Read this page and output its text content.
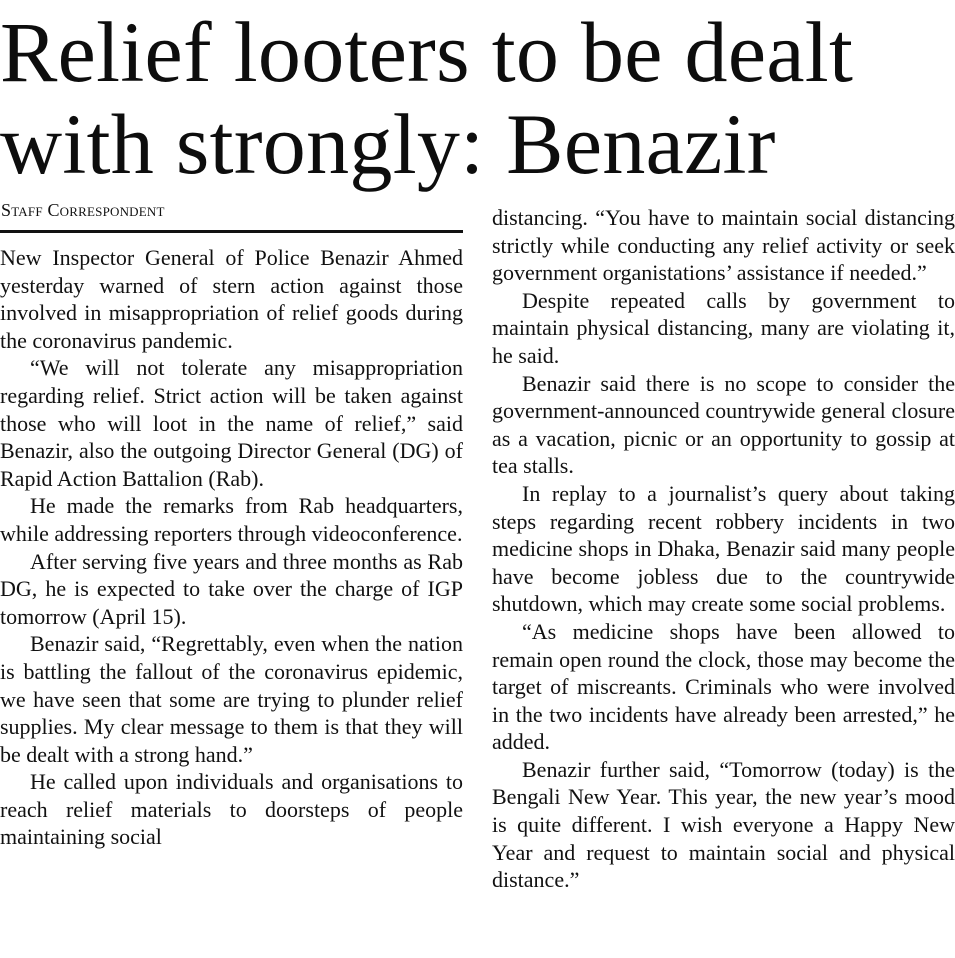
Relief looters to be dealt
with strongly: Benazir
Staff Correspondent

New Inspector General of Police Benazir Ahmed yesterday warned of stern action against those involved in misappropriation of relief goods during the coronavirus pandemic.

“We will not tolerate any misappropriation regarding relief. Strict action will be taken against those who will loot in the name of relief,” said Benazir, also the outgoing Director General (DG) of Rapid Action Battalion (Rab).

He made the remarks from Rab headquarters, while addressing reporters through videoconference.

After serving five years and three months as Rab DG, he is expected to take over the charge of IGP tomorrow (April 15).

Benazir said, “Regrettably, even when the nation is battling the fallout of the coronavirus epidemic, we have seen that some are trying to plunder relief supplies. My clear message to them is that they will be dealt with a strong hand.”

He called upon individuals and organisations to reach relief materials to doorsteps of people maintaining social

distancing. “You have to maintain social distancing strictly while conducting any relief activity or seek government organistations’ assistance if needed.”

Despite repeated calls by government to maintain physical distancing, many are violating it, he said.

Benazir said there is no scope to consider the government-announced countrywide general closure as a vacation, picnic or an opportunity to gossip at tea stalls.

In replay to a journalist’s query about taking steps regarding recent robbery incidents in two medicine shops in Dhaka, Benazir said many people have become jobless due to the countrywide shutdown, which may create some social problems.

“As medicine shops have been allowed to remain open round the clock, those may become the target of miscreants. Criminals who were involved in the two incidents have already been arrested,” he added.

Benazir further said, “Tomorrow (today) is the Bengali New Year. This year, the new year’s mood is quite different. I wish everyone a Happy New Year and request to maintain social and physical distance.”
